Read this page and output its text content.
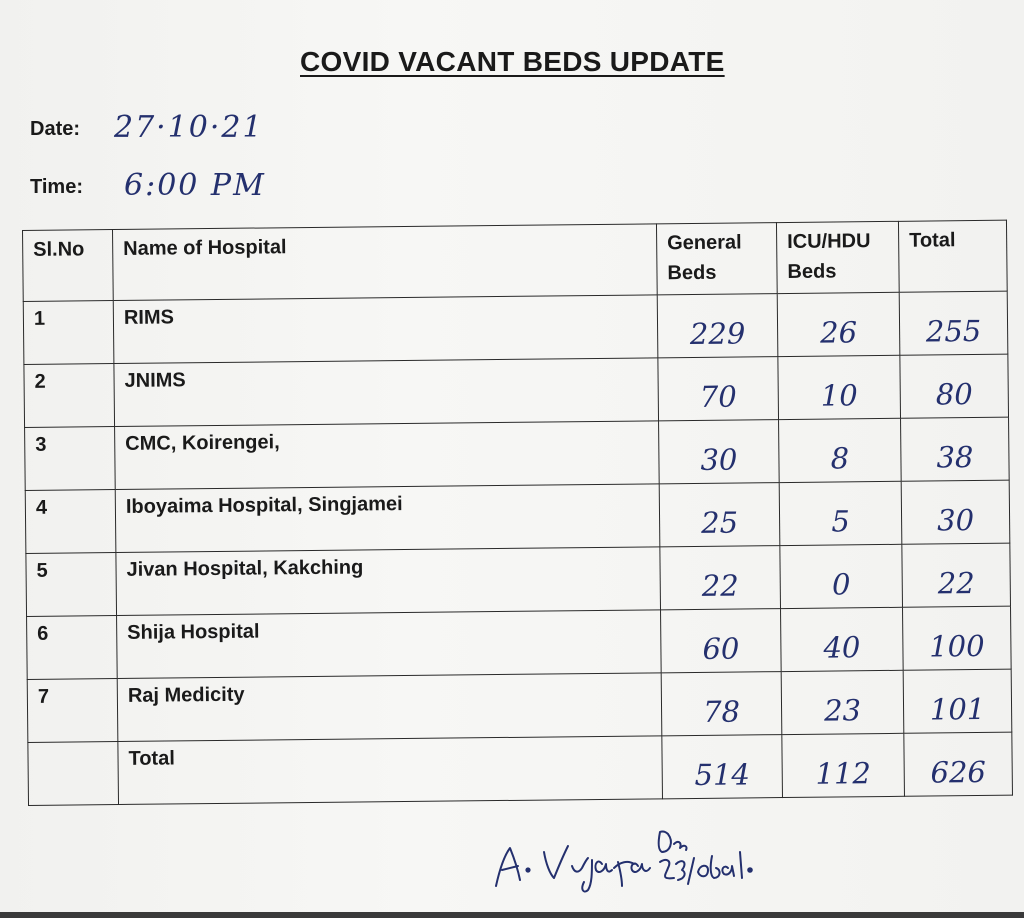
COVID VACANT BEDS UPDATE
Date: 27·10·21
Time: 6:00 PM
Sl.No	Name of Hospital	General Beds	ICU/HDU Beds	Total
1	RIMS	229	26	255
2	JNIMS	70	10	80
3	CMC, Koirengei,	30	8	38
4	Iboyaima Hospital, Singjamei	25	5	30
5	Jivan Hospital, Kakching	22	0	22
6	Shija Hospital	60	40	100
7	Raj Medicity	78	23	101
	Total	514	112	626
